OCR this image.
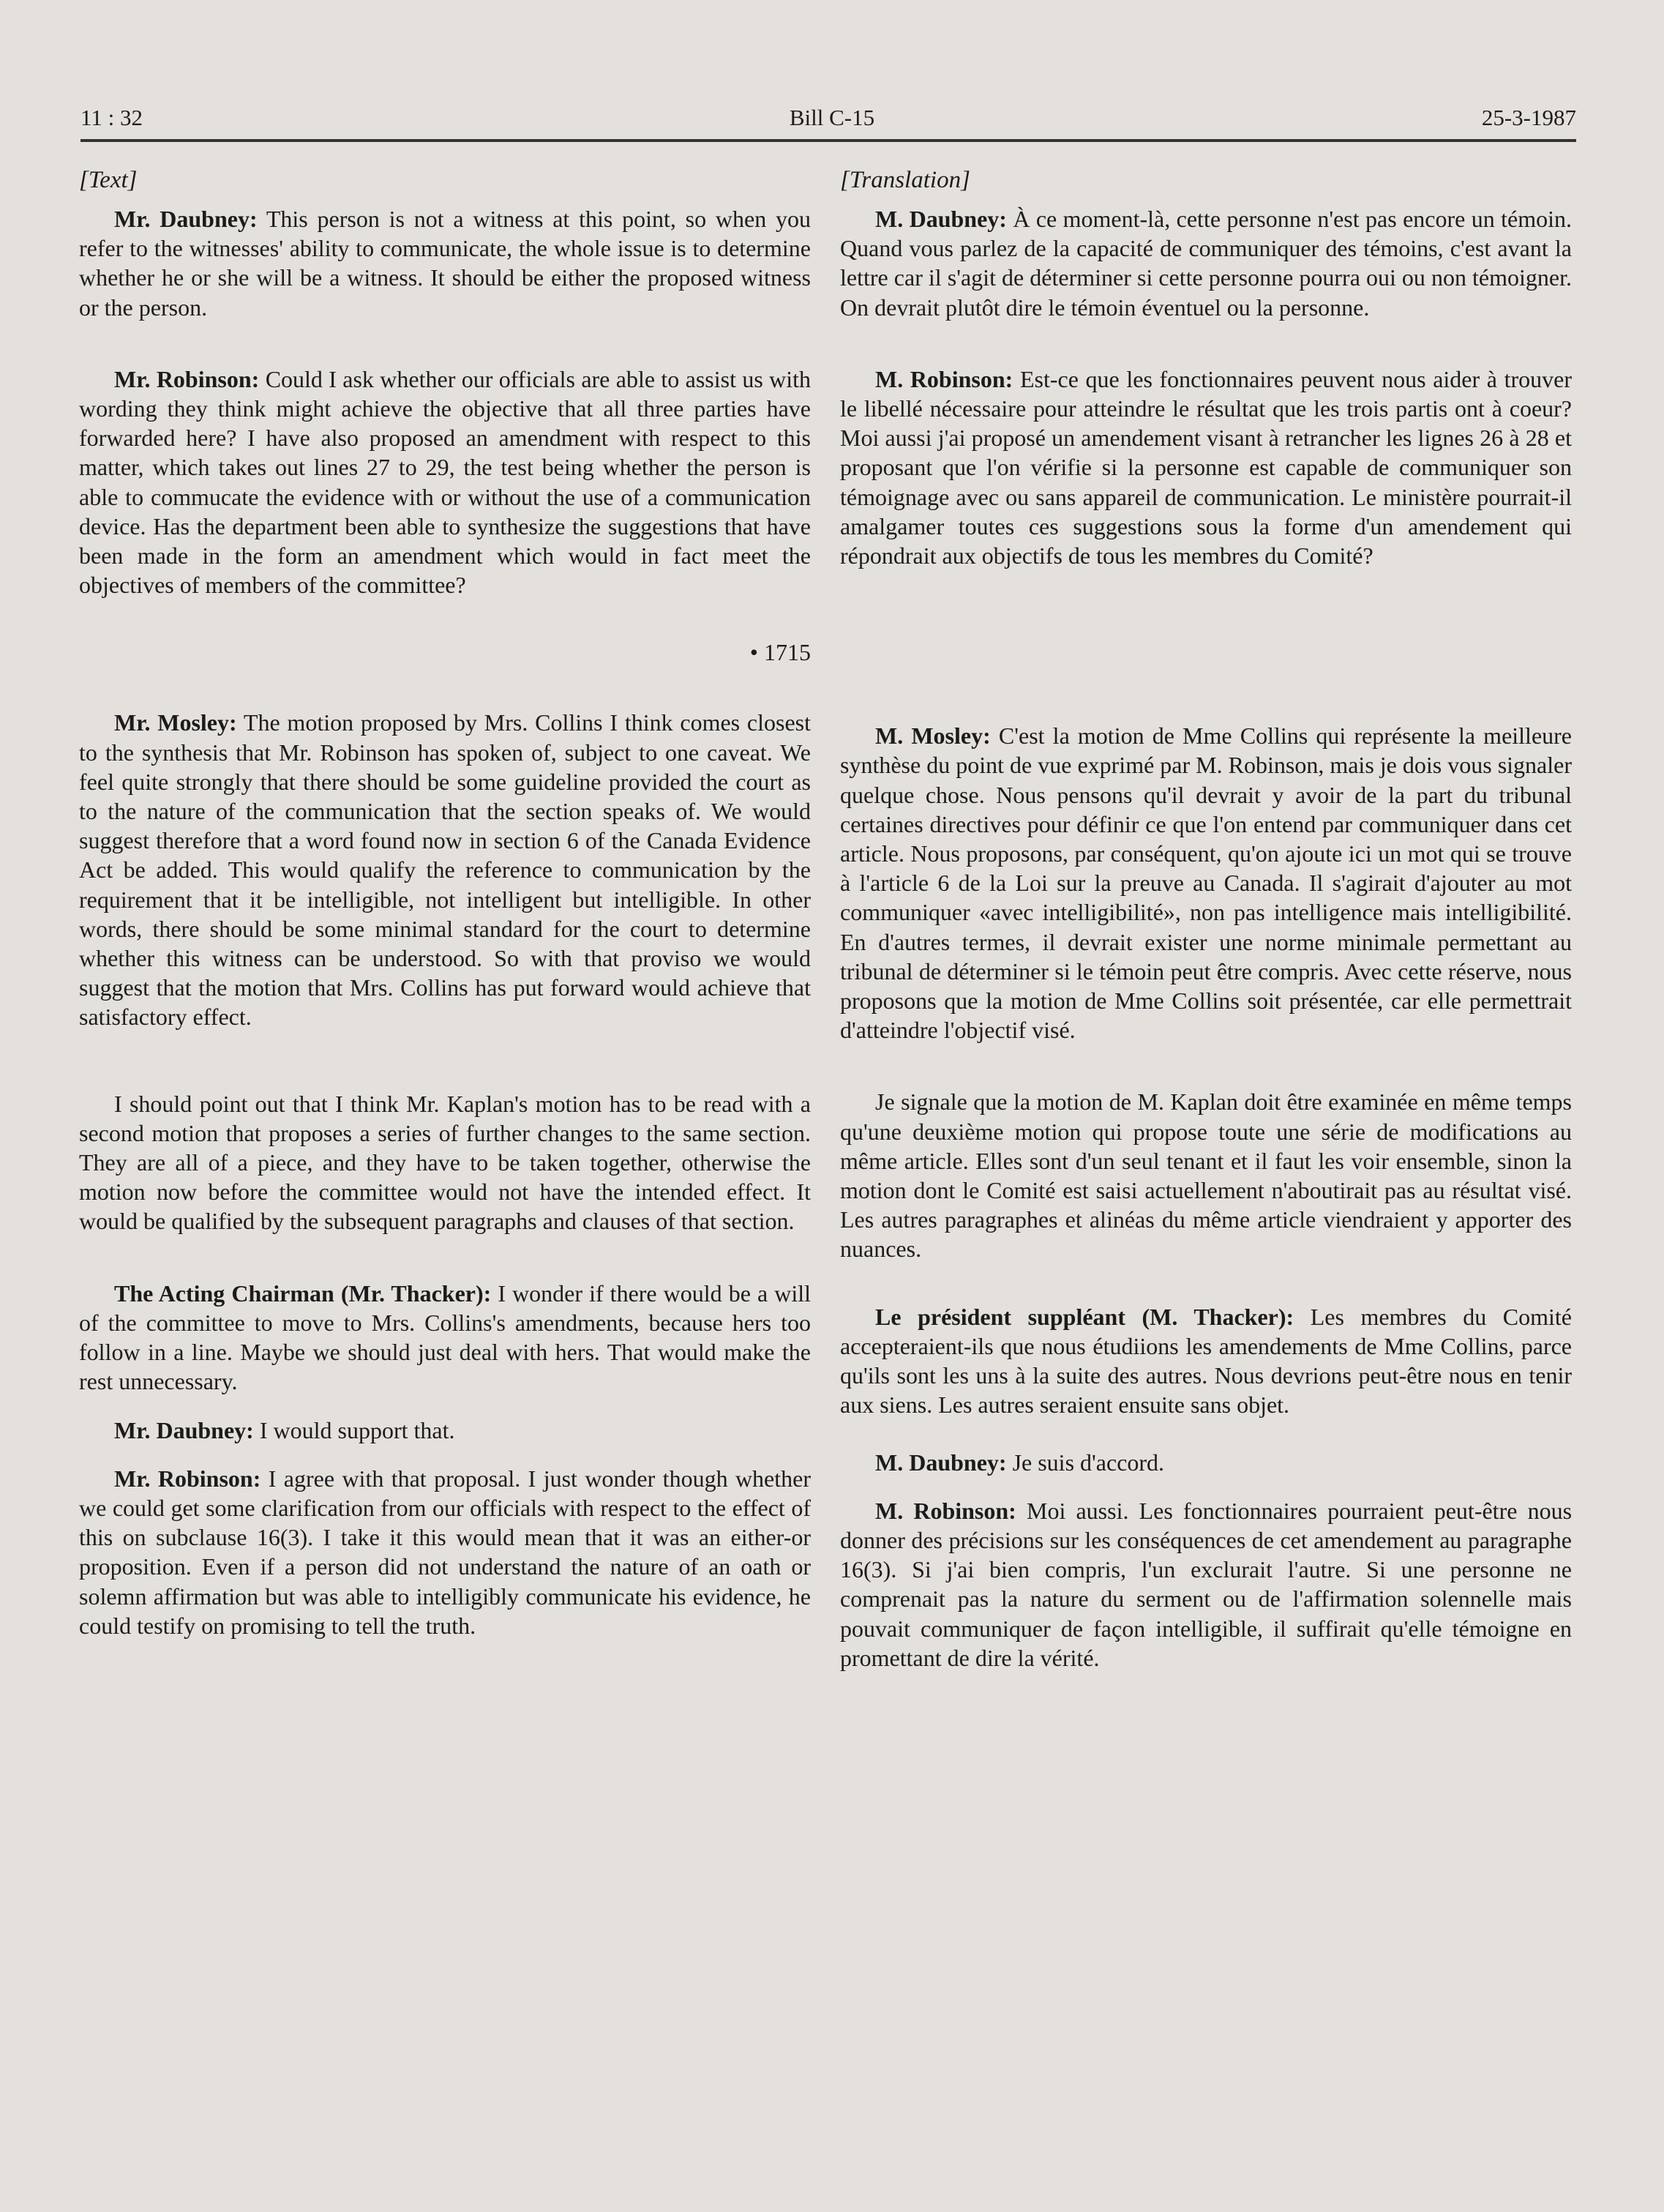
Bill C-15
11 : 32	25-3-1987
[Text]

Mr. Daubney: This person is not a witness at this point, so when you refer to the witnesses' ability to communicate, the whole issue is to determine whether he or she will be a witness. It should be either the proposed witness or the person.

Mr. Robinson: Could I ask whether our officials are able to assist us with wording they think might achieve the objective that all three parties have forwarded here? I have also proposed an amendment with respect to this matter, which takes out lines 27 to 29, the test being whether the person is able to commucate the evidence with or without the use of a communication device. Has the department been able to synthesize the suggestions that have been made in the form an amendment which would in fact meet the objectives of members of the committee?

• 1715

Mr. Mosley: The motion proposed by Mrs. Collins I think comes closest to the synthesis that Mr. Robinson has spoken of, subject to one caveat. We feel quite strongly that there should be some guideline provided the court as to the nature of the communication that the section speaks of. We would suggest therefore that a word found now in section 6 of the Canada Evidence Act be added. This would qualify the reference to communication by the requirement that it be intelligible, not intelligent but intelligible. In other words, there should be some minimal standard for the court to determine whether this witness can be understood. So with that proviso we would suggest that the motion that Mrs. Collins has put forward would achieve that satisfactory effect.

I should point out that I think Mr. Kaplan's motion has to be read with a second motion that proposes a series of further changes to the same section. They are all of a piece, and they have to be taken together, otherwise the motion now before the committee would not have the intended effect. It would be qualified by the subsequent paragraphs and clauses of that section.

The Acting Chairman (Mr. Thacker): I wonder if there would be a will of the committee to move to Mrs. Collins's amendments, because hers too follow in a line. Maybe we should just deal with hers. That would make the rest unnecessary.

Mr. Daubney: I would support that.

Mr. Robinson: I agree with that proposal. I just wonder though whether we could get some clarification from our officials with respect to the effect of this on subclause 16(3). I take it this would mean that it was an either-or proposition. Even if a person did not understand the nature of an oath or solemn affirmation but was able to intelligibly communicate his evidence, he could testify on promising to tell the truth.

[Translation]

M. Daubney: À ce moment-là, cette personne n'est pas encore un témoin. Quand vous parlez de la capacité de communiquer des témoins, c'est avant la lettre car il s'agit de déterminer si cette personne pourra oui ou non témoigner. On devrait plutôt dire le témoin éventuel ou la personne.

M. Robinson: Est-ce que les fonctionnaires peuvent nous aider à trouver le libellé nécessaire pour atteindre le résultat que les trois partis ont à coeur? Moi aussi j'ai proposé un amendement visant à retrancher les lignes 26 à 28 et proposant que l'on vérifie si la personne est capable de communiquer son témoignage avec ou sans appareil de communication. Le ministère pourrait-il amalgamer toutes ces suggestions sous la forme d'un amendement qui répondrait aux objectifs de tous les membres du Comité?

M. Mosley: C'est la motion de Mme Collins qui représente la meilleure synthèse du point de vue exprimé par M. Robinson, mais je dois vous signaler quelque chose. Nous pensons qu'il devrait y avoir de la part du tribunal certaines directives pour définir ce que l'on entend par communiquer dans cet article. Nous proposons, par conséquent, qu'on ajoute ici un mot qui se trouve à l'article 6 de la Loi sur la preuve au Canada. Il s'agirait d'ajouter au mot communiquer «avec intelligibilité», non pas intelligence mais intelligibilité. En d'autres termes, il devrait exister une norme minimale permettant au tribunal de déterminer si le témoin peut être compris. Avec cette réserve, nous proposons que la motion de Mme Collins soit présentée, car elle permettrait d'atteindre l'objectif visé.

Je signale que la motion de M. Kaplan doit être examinée en même temps qu'une deuxième motion qui propose toute une série de modifications au même article. Elles sont d'un seul tenant et il faut les voir ensemble, sinon la motion dont le Comité est saisi actuellement n'aboutirait pas au résultat visé. Les autres paragraphes et alinéas du même article viendraient y apporter des nuances.

Le président suppléant (M. Thacker): Les membres du Comité accepteraient-ils que nous étudiions les amendements de Mme Collins, parce qu'ils sont les uns à la suite des autres. Nous devrions peut-être nous en tenir aux siens. Les autres seraient ensuite sans objet.

M. Daubney: Je suis d'accord.

M. Robinson: Moi aussi. Les fonctionnaires pourraient peut-être nous donner des précisions sur les conséquences de cet amendement au paragraphe 16(3). Si j'ai bien compris, l'un exclurait l'autre. Si une personne ne comprenait pas la nature du serment ou de l'affirmation solennelle mais pouvait communiquer de façon intelligible, il suffirait qu'elle témoigne en promettant de dire la vérité.
